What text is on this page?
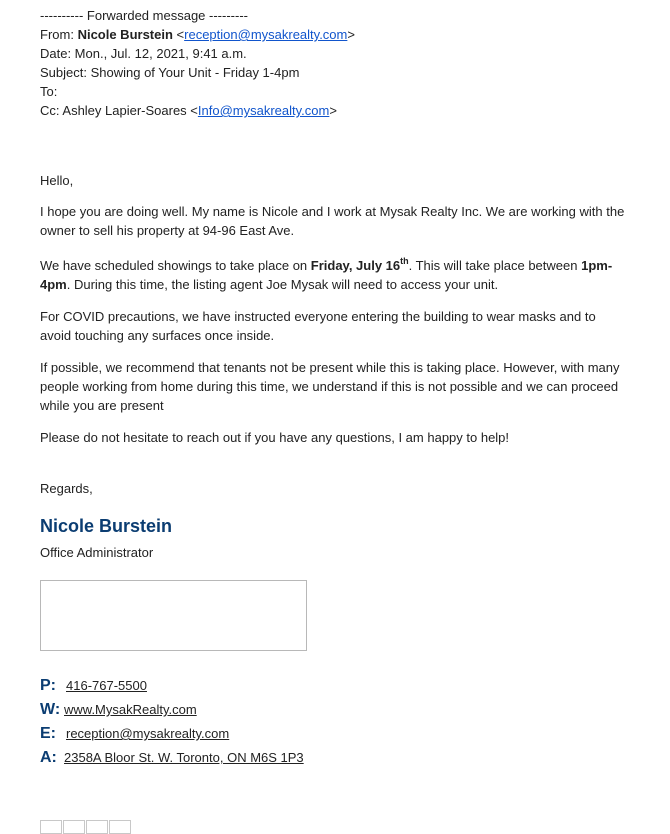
---------- Forwarded message ---------
From: Nicole Burstein <reception@mysakrealty.com>
Date: Mon., Jul. 12, 2021, 9:41 a.m.
Subject: Showing of Your Unit - Friday 1-4pm
To:
Cc: Ashley Lapier-Soares <Info@mysakrealty.com>

Hello,

I hope you are doing well. My name is Nicole and I work at Mysak Realty Inc. We are working with the owner to sell his property at 94-96 East Ave.

We have scheduled showings to take place on Friday, July 16th. This will take place between 1pm-4pm. During this time, the listing agent Joe Mysak will need to access your unit.

For COVID precautions, we have instructed everyone entering the building to wear masks and to avoid touching any surfaces once inside.

If possible, we recommend that tenants not be present while this is taking place. However, with many people working from home during this time, we understand if this is not possible and we can proceed while you are present

Please do not hesitate to reach out if you have any questions, I am happy to help!

Regards,

Nicole Burstein
Office Administrator
P: 416-767-5500
W: www.MysakRealty.com
E: reception@mysakrealty.com
A: 2358A Bloor St. W. Toronto, ON M6S 1P3
